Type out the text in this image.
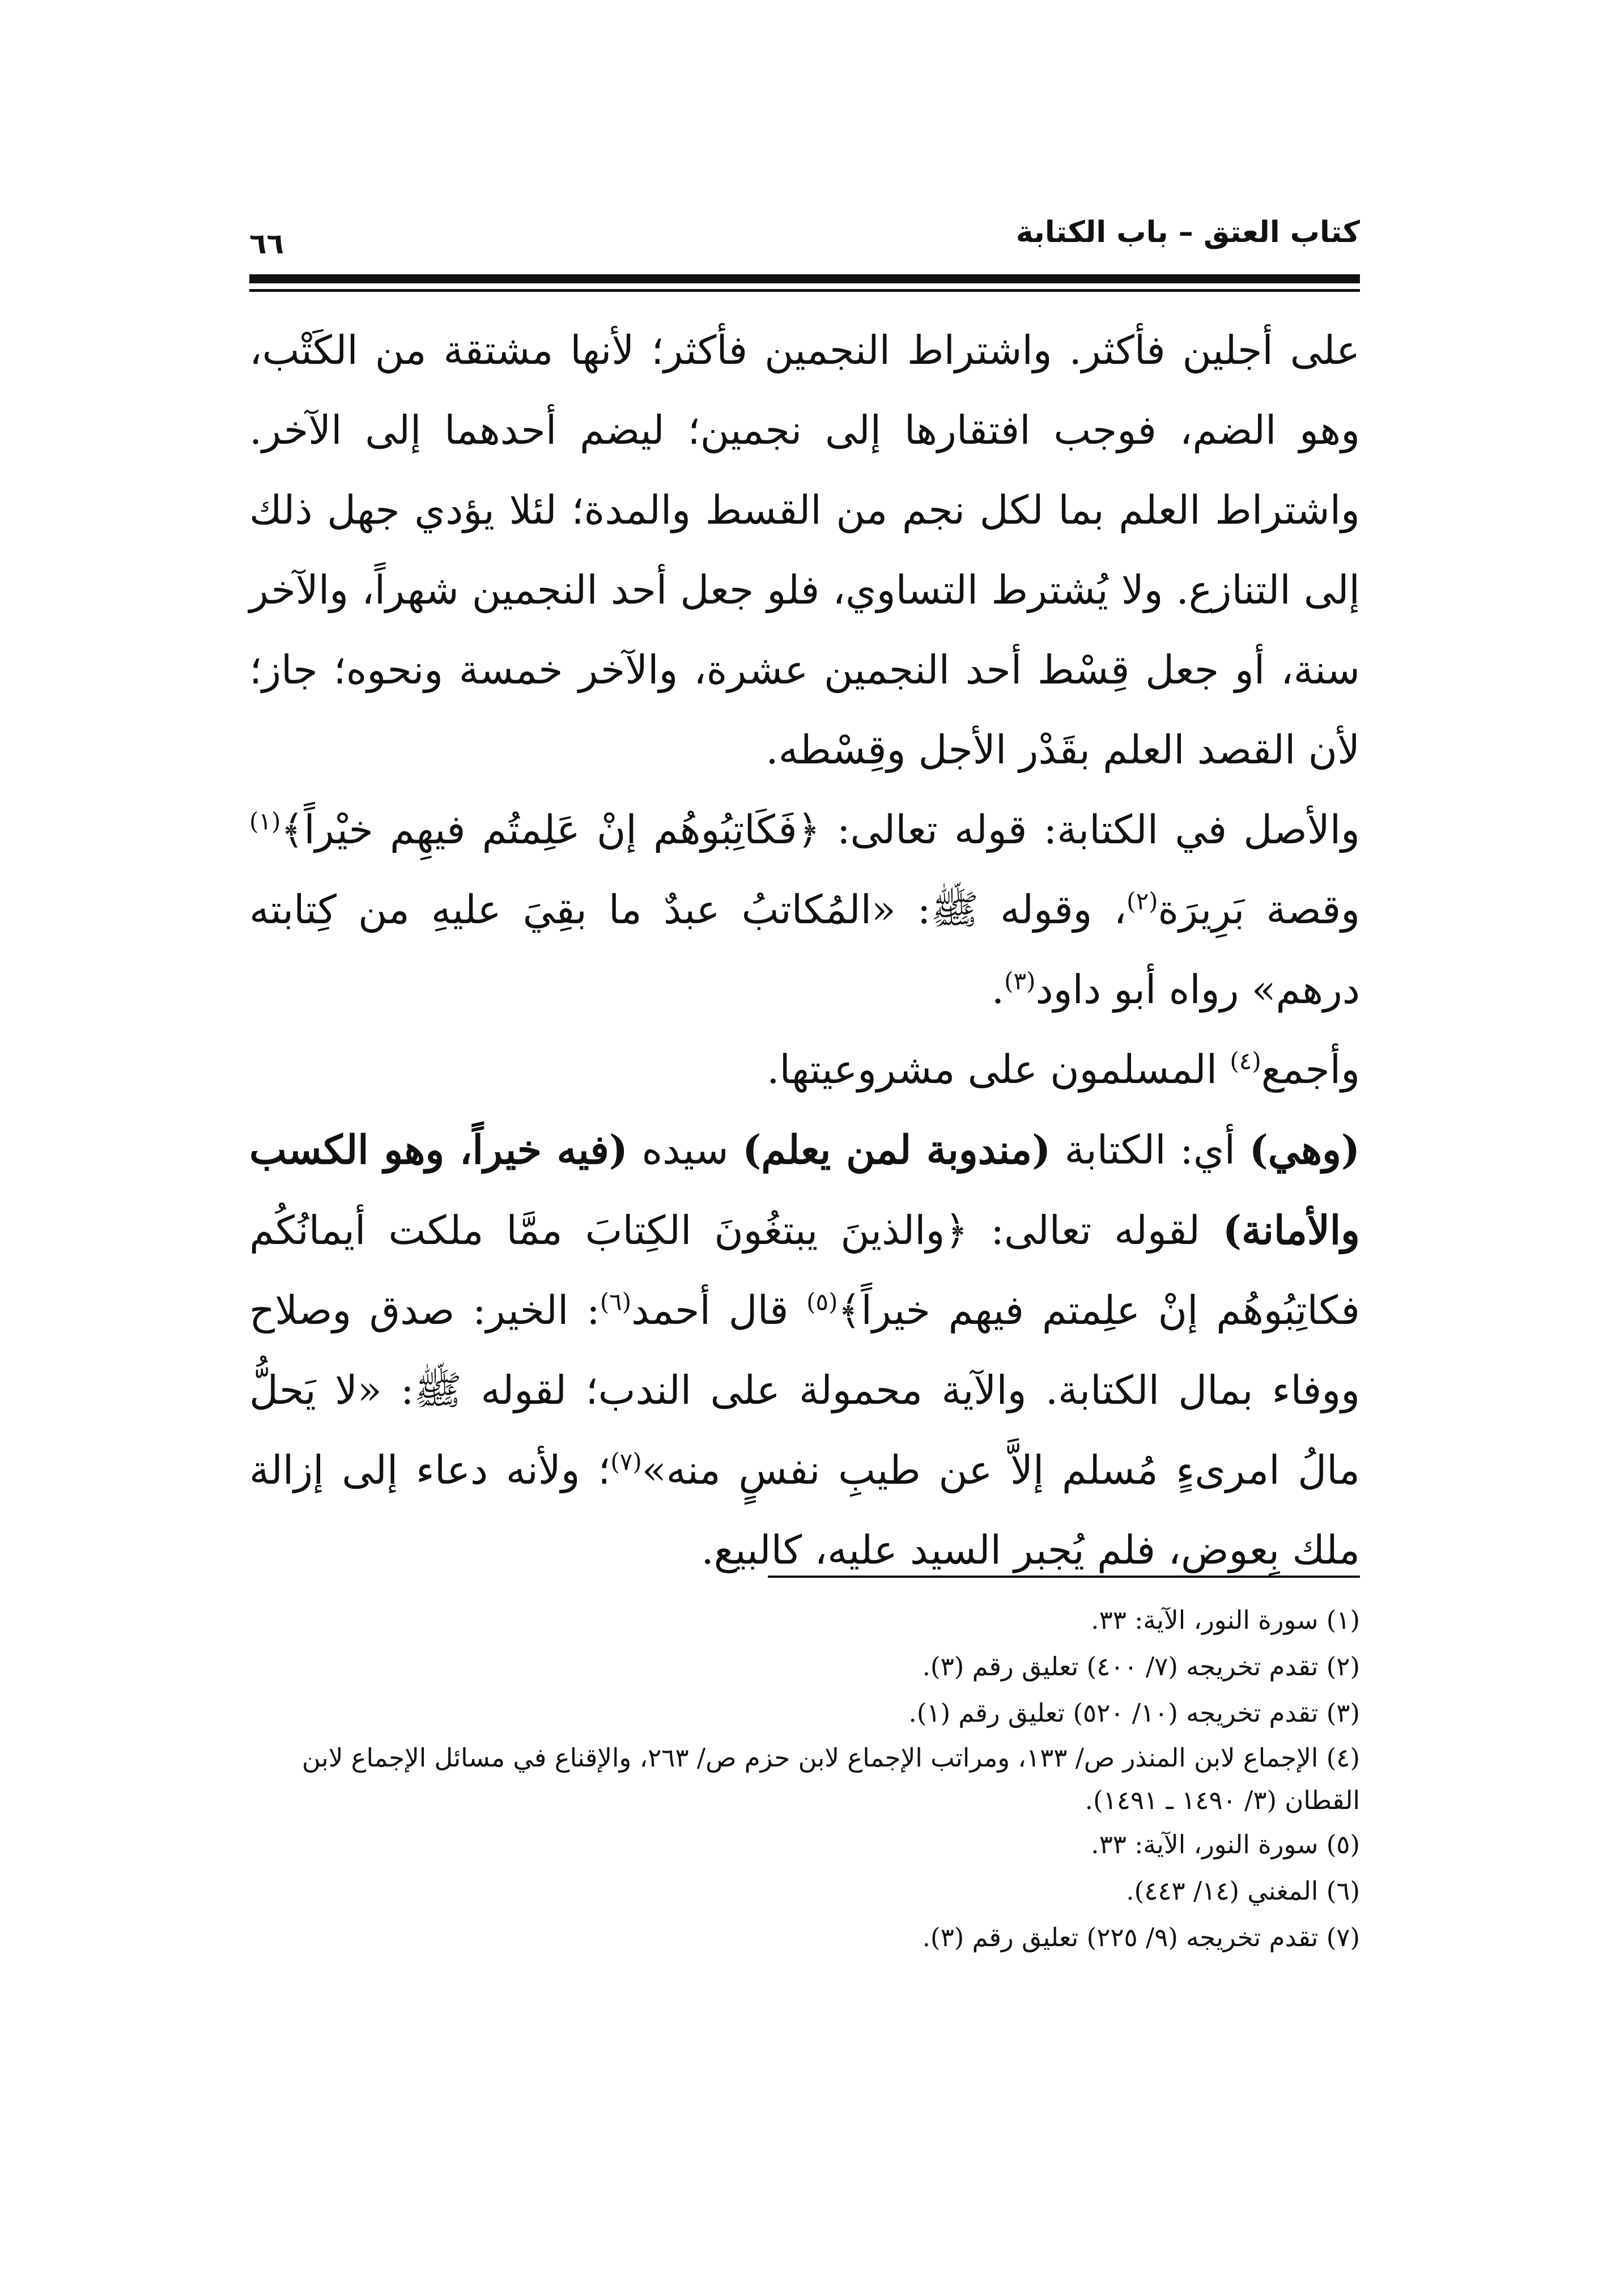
كتاب العتق – باب الكتابة
٦٦

على أجلين فأكثر. واشتراط النجمين فأكثر؛ لأنها مشتقة من الكَتْب، وهو الضم، فوجب افتقارها إلى نجمين؛ ليضم أحدهما إلى الآخر. واشتراط العلم بما لكل نجم من القسط والمدة؛ لئلا يؤدي جهل ذلك إلى التنازع. ولا يُشترط التساوي، فلو جعل أحد النجمين شهراً، والآخر سنة، أو جعل قِسْط أحد النجمين عشرة، والآخر خمسة ونحوه؛ جاز؛ لأن القصد العلم بقَدْر الأجل وقِسْطه.

والأصل في الكتابة: قوله تعالى: ﴿فَكَاتِبُوهُم إنْ عَلِمتُم فيهِم خيْراً﴾$^{(١)}$ وقصة بَرِيرَة$^{(٢)}$، وقوله ﷺ: «المُكاتبُ عبدٌ ما بقِيَ عليهِ من كِتابته درهم» رواه أبو داود$^{(٣)}$.

وأجمع$^{(٤)}$ المسلمون على مشروعيتها.

(وهي) أي: الكتابة (مندوبة لمن يعلم) سيده (فيه خيراً، وهو الكسب والأمانة) لقوله تعالى: ﴿والذينَ يبتغُونَ الكِتابَ ممَّا ملكت أيمانُكُم فكاتِبُوهُم إنْ علِمتم فيهم خيراً﴾$^{(٥)}$ قال أحمد$^{(٦)}$: الخير: صدق وصلاح ووفاء بمال الكتابة. والآية محمولة على الندب؛ لقوله ﷺ: «لا يَحلُّ مالُ امرىءٍ مُسلم إلاَّ عن طيبِ نفسٍ منه»$^{(٧)}$؛ ولأنه دعاء إلى إزالة ملك بِعوض، فلم يُجبر السيد عليه، كالبيع.

(١) سورة النور، الآية: ٣٣.

(٢) تقدم تخريجه (٧/ ٤٠٠) تعليق رقم (٣).

(٣) تقدم تخريجه (١٠/ ٥٢٠) تعليق رقم (١).

(٤) الإجماع لابن المنذر ص/ ١٣٣، ومراتب الإجماع لابن حزم ص/ ٢٦٣، والإقناع في مسائل الإجماع لابن القطان (٣/ ١٤٩٠ ـ ١٤٩١).

(٥) سورة النور، الآية: ٣٣.

(٦) المغني (١٤/ ٤٤٣).

(٧) تقدم تخريجه (٩/ ٢٢٥) تعليق رقم (٣).
